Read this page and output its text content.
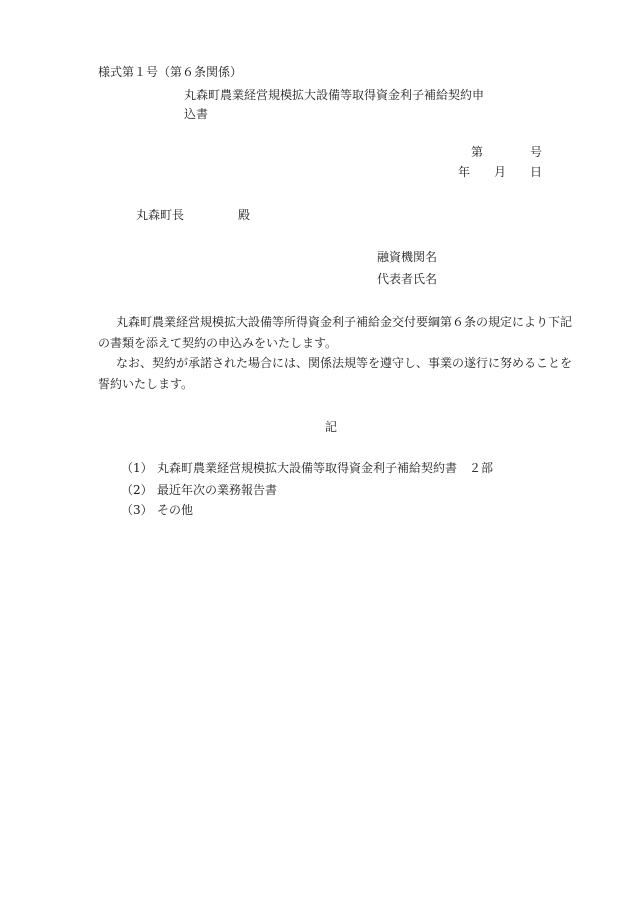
様式第１号（第６条関係）
丸森町農業経営規模拡大設備等取得資金利子補給契約申
込書
第	号
年 月 日
丸森町長	殿
融資機関名
代表者氏名
丸森町農業経営規模拡大設備等所得資金利子補給金交付要綱第６条の規定により下記
の書類を添えて契約の申込みをいたします。
なお、契約が承諾された場合には、関係法規等を遵守し、事業の遂行に努めることを
誓約いたします。
記
（1） 丸森町農業経営規模拡大設備等取得資金利子補給契約書　２部
（2） 最近年次の業務報告書
（3） その他
